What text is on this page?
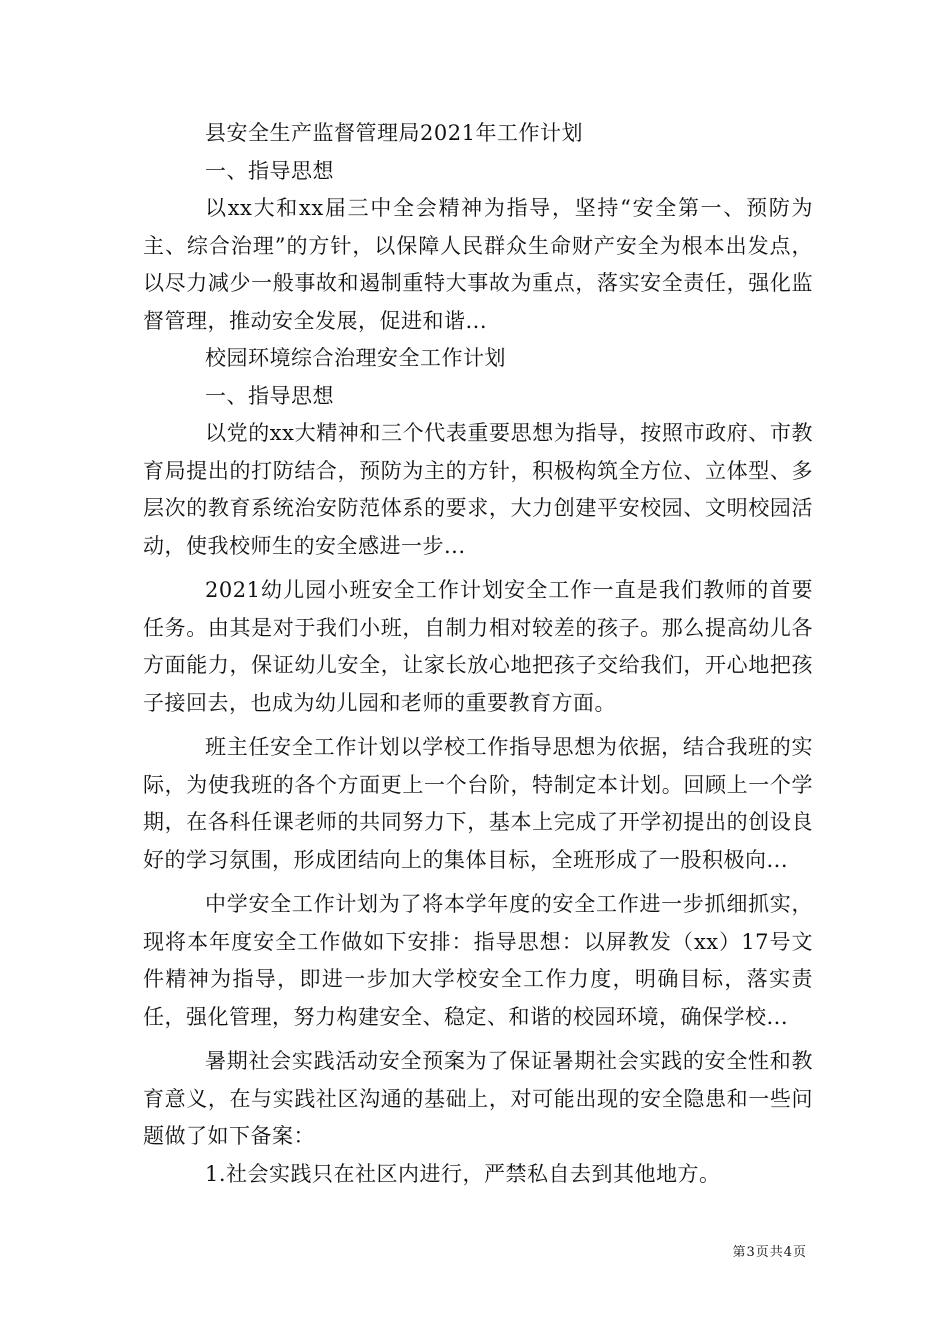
县安全生产监督管理局2021年工作计划

一、指导思想

以xx大和xx届三中全会精神为指导，坚持“安全第一、预防为主、综合治理”的方针，以保障人民群众生命财产安全为根本出发点，以尽力减少一般事故和遏制重特大事故为重点，落实安全责任，强化监督管理，推动安全发展，促进和谐...

校园环境综合治理安全工作计划

一、指导思想

以党的xx大精神和三个代表重要思想为指导，按照市政府、市教育局提出的打防结合，预防为主的方针，积极构筑全方位、立体型、多层次的教育系统治安防范体系的要求，大力创建平安校园、文明校园活动，使我校师生的安全感进一步...

2021幼儿园小班安全工作计划安全工作一直是我们教师的首要任务。由其是对于我们小班，自制力相对较差的孩子。那么提高幼儿各方面能力，保证幼儿安全，让家长放心地把孩子交给我们，开心地把孩子接回去，也成为幼儿园和老师的重要教育方面。

班主任安全工作计划以学校工作指导思想为依据，结合我班的实际，为使我班的各个方面更上一个台阶，特制定本计划。回顾上一个学期，在各科任课老师的共同努力下，基本上完成了开学初提出的创设良好的学习氛围，形成团结向上的集体目标，全班形成了一股积极向...

中学安全工作计划为了将本学年度的安全工作进一步抓细抓实，现将本年度安全工作做如下安排：指导思想：以屏教发（xx）17号文件精神为指导，即进一步加大学校安全工作力度，明确目标，落实责任，强化管理，努力构建安全、稳定、和谐的校园环境，确保学校...

暑期社会实践活动安全预案为了保证暑期社会实践的安全性和教育意义，在与实践社区沟通的基础上，对可能出现的安全隐患和一些问题做了如下备案：

1.社会实践只在社区内进行，严禁私自去到其他地方。

第3页共4页
